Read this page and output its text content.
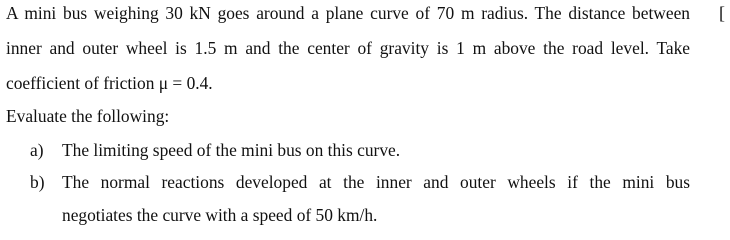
A mini bus weighing 30 kN goes around a plane curve of 70 m radius. The distance between
inner and outer wheel is 1.5 m and the center of gravity is 1 m above the road level. Take
coefficient of friction μ = 0.4.
[
Evaluate the following:
a) The limiting speed of the mini bus on this curve.
b) The normal reactions developed at the inner and outer wheels if the mini bus
negotiates the curve with a speed of 50 km/h.
